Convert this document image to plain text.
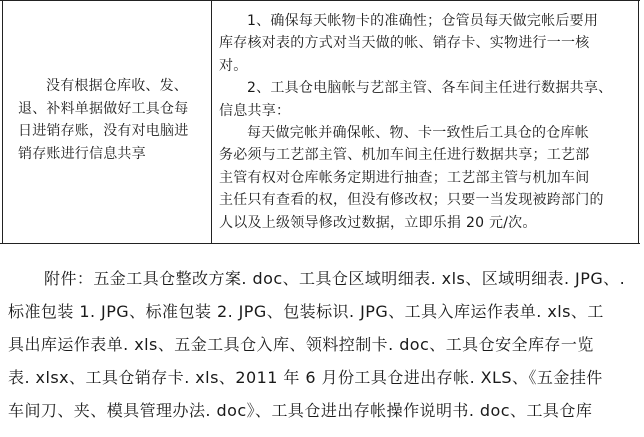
没有根据仓库收、发、
退、补料单据做好工具仓每
日进销存账，没有对电脑进
销存账进行信息共享
1、确保每天帐物卡的准确性；仓管员每天做完帐后要用
库存核对表的方式对当天做的帐、销存卡、实物进行一一核
对。
2、工具仓电脑帐与艺部主管、各车间主任进行数据共享、
信息共享：
每天做完帐并确保帐、物、卡一致性后工具仓的仓库帐
务必须与工艺部主管、机加车间主任进行数据共享；工艺部
主管有权对仓库帐务定期进行抽查；工艺部主管与机加车间
主任只有查看的权，但没有修改权；只要一当发现被跨部门的
人以及上级领导修改过数据，立即乐捐 20 元/次。
附件：五金工具仓整改方案. doc、工具仓区域明细表. xls、区域明细表. JPG、.
标准包装 1. JPG、标准包装 2. JPG、包装标识. JPG、工具入库运作表单. xls、工
具出库运作表单. xls、五金工具仓入库、领料控制卡. doc、工具仓安全库存一览
表. xlsx、工具仓销存卡. xls、2011 年 6 月份工具仓进出存帐. XLS、《五金挂件
车间刀、夹、模具管理办法. doc》、工具仓进出存帐操作说明书. doc、工具仓库
